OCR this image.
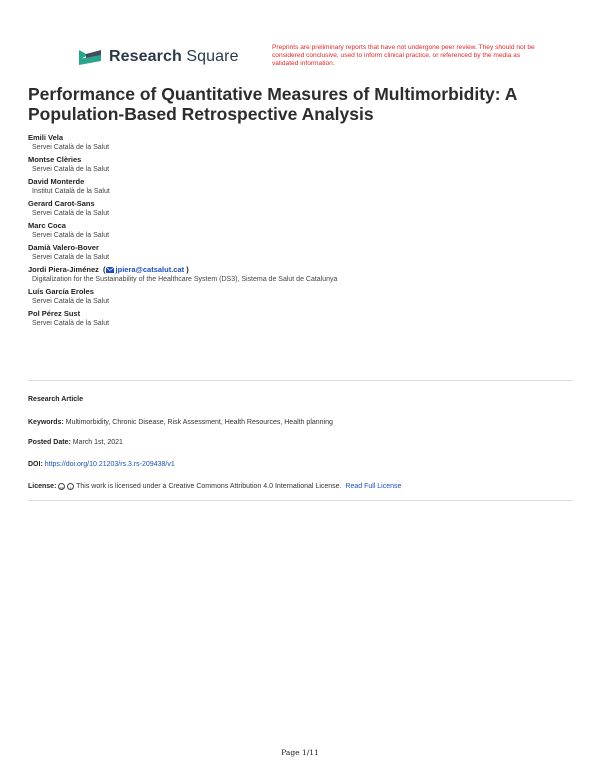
Research Square
Preprints are preliminary reports that have not undergone peer review. They should not be considered conclusive, used to inform clinical practice, or referenced by the media as validated information.
Performance of Quantitative Measures of Multimorbidity: A Population-Based Retrospective Analysis
Emili Vela
Servei Català de la Salut
Montse Clèries
Servei Català de la Salut
David Monterde
Institut Català de la Salut
Gerard Carot-Sans
Servei Català de la Salut
Marc Coca
Servei Català de la Salut
Damià Valero-Bover
Servei Català de la Salut
Jordi Piera-Jiménez  ( jpiera@catsalut.cat )
Digitalization for the Sustainability of the Healthcare System (DS3), Sistema de Salut de Catalunya
Luís García Eroles
Servei Català de la Salut
Pol Pérez Sust
Servei Català de la Salut
Research Article
Keywords: Multimorbidity, Chronic Disease, Risk Assessment, Health Resources, Health planning
Posted Date: March 1st, 2021
DOI: https://doi.org/10.21203/rs.3.rs-209438/v1
License: cc i This work is licensed under a Creative Commons Attribution 4.0 International License. Read Full License
Page 1/11
